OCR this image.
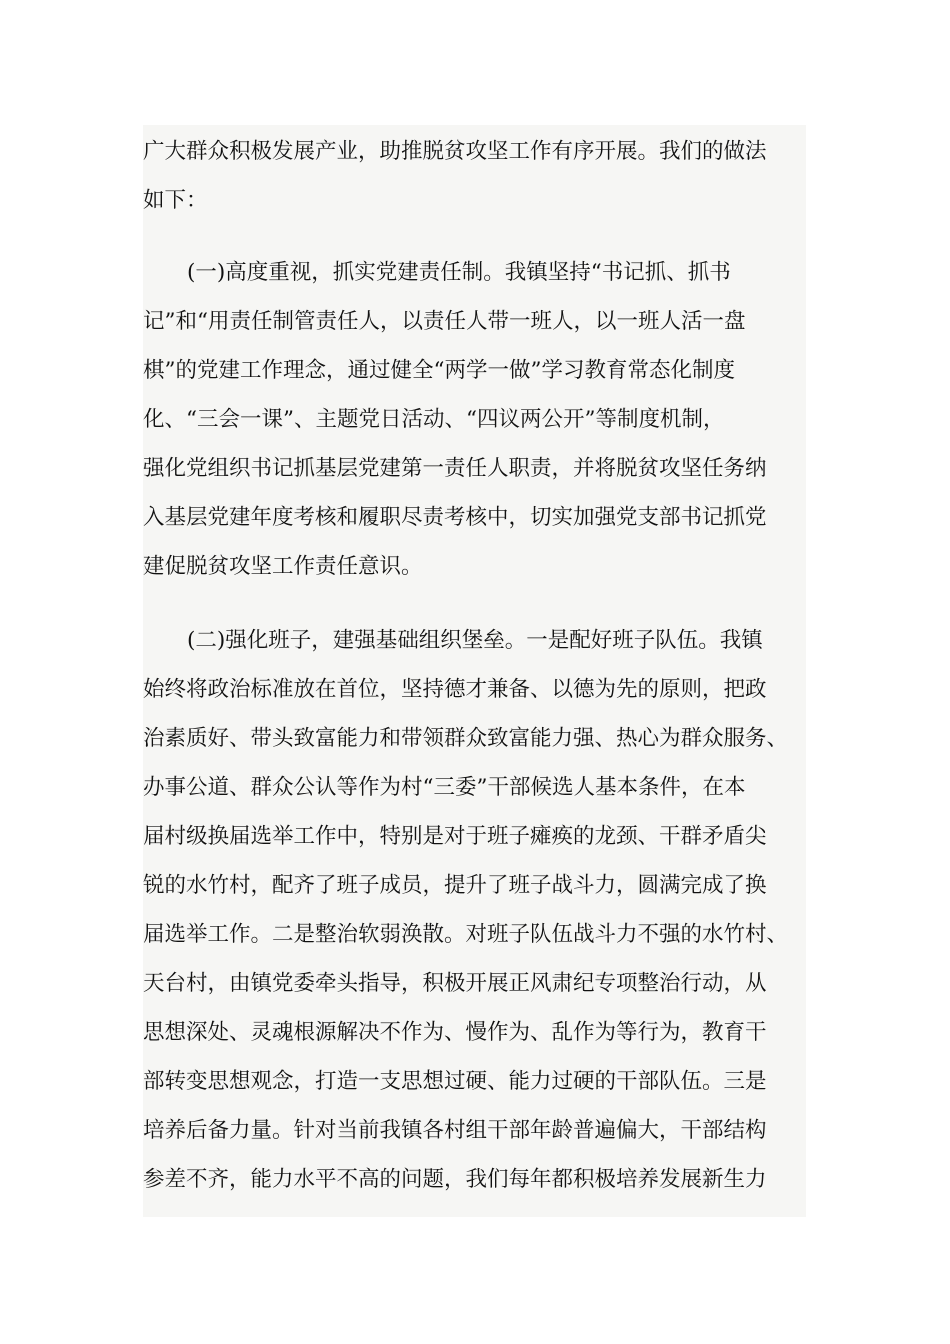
广大群众积极发展产业，助推脱贫攻坚工作有序开展。我们的做法
如下：
(一)高度重视，抓实党建责任制。我镇坚持“书记抓、抓书
记”和“用责任制管责任人，以责任人带一班人，以一班人活一盘
棋”的党建工作理念，通过健全“两学一做”学习教育常态化制度
化、“三会一课”、主题党日活动、“四议两公开”等制度机制，
强化党组织书记抓基层党建第一责任人职责，并将脱贫攻坚任务纳
入基层党建年度考核和履职尽责考核中，切实加强党支部书记抓党
建促脱贫攻坚工作责任意识。
(二)强化班子，建强基础组织堡垒。一是配好班子队伍。我镇
始终将政治标准放在首位，坚持德才兼备、以德为先的原则，把政
治素质好、带头致富能力和带领群众致富能力强、热心为群众服务、
办事公道、群众公认等作为村“三委”干部候选人基本条件，在本
届村级换届选举工作中，特别是对于班子瘫痪的龙颈、干群矛盾尖
锐的水竹村，配齐了班子成员，提升了班子战斗力，圆满完成了换
届选举工作。二是整治软弱涣散。对班子队伍战斗力不强的水竹村、
天台村，由镇党委牵头指导，积极开展正风肃纪专项整治行动，从
思想深处、灵魂根源解决不作为、慢作为、乱作为等行为，教育干
部转变思想观念，打造一支思想过硬、能力过硬的干部队伍。三是
培养后备力量。针对当前我镇各村组干部年龄普遍偏大，干部结构
参差不齐，能力水平不高的问题，我们每年都积极培养发展新生力
